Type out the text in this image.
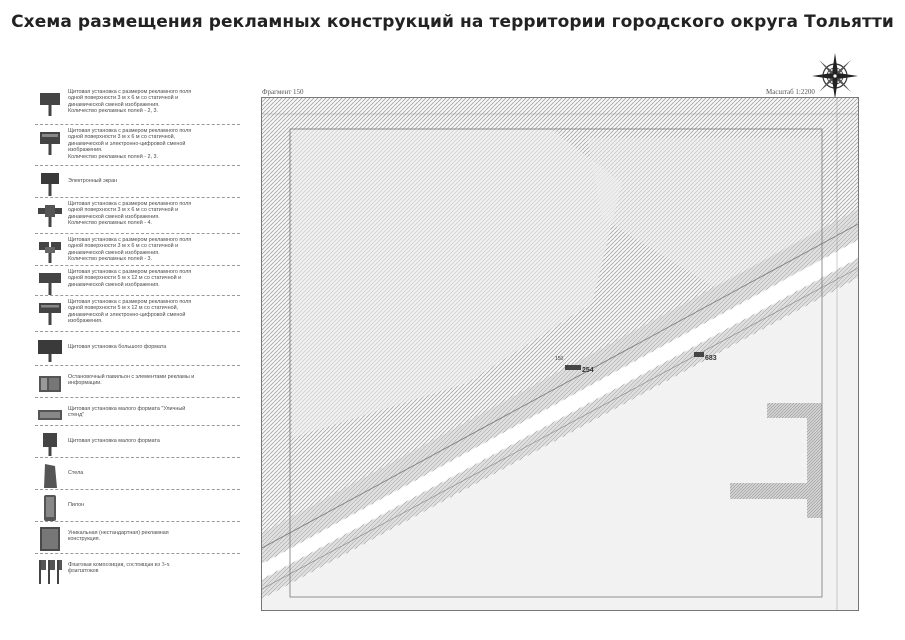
Схема размещения рекламных конструкций на территории городского округа Тольятти
Щитовая установка с размером рекламного поля
одной поверхности 3 м х 6 м со статичной и
динамической сменой изображения.
Количество рекламных полей - 2, 3.
Щитовая установка с размером рекламного поля
одной поверхности 3 м х 6 м со статичной,
динамической и электронно-цифровой сменой
изображения.
Количество рекламных полей - 2, 3.
Электронный экран
Щитовая установка с размером рекламного поля
одной поверхности 3 м х 6 м со статичной и
динамической сменой изображения.
Количество рекламных полей - 4.
Щитовая установка с размером рекламного поля
одной поверхности 3 м х 6 м со статичной и
динамической сменой изображения.
Количество рекламных полей - 3.
Щитовая установка с размером рекламного поля
одной поверхности 5 м х 12 м со статичной и
динамической сменой изображения.
Щитовая установка с размером рекламного поля
одной поверхности 5 м х 12 м со статичной,
динамической и электронно-цифровой сменой
изображения.
Щитовая установка большого формата
Остановочный павильон с элементами рекламы и
информации.
Щитовая установка малого формата "Уличный
стенд"
Щитовая установка малого формата
Стела
Пилон
Уникальная (нестандартная) рекламная
конструкция.
Флаговая композиция, состоящая из 3-х
флагштоков
Фрагмент 150	Масштаб 1:2200
150
254
683
